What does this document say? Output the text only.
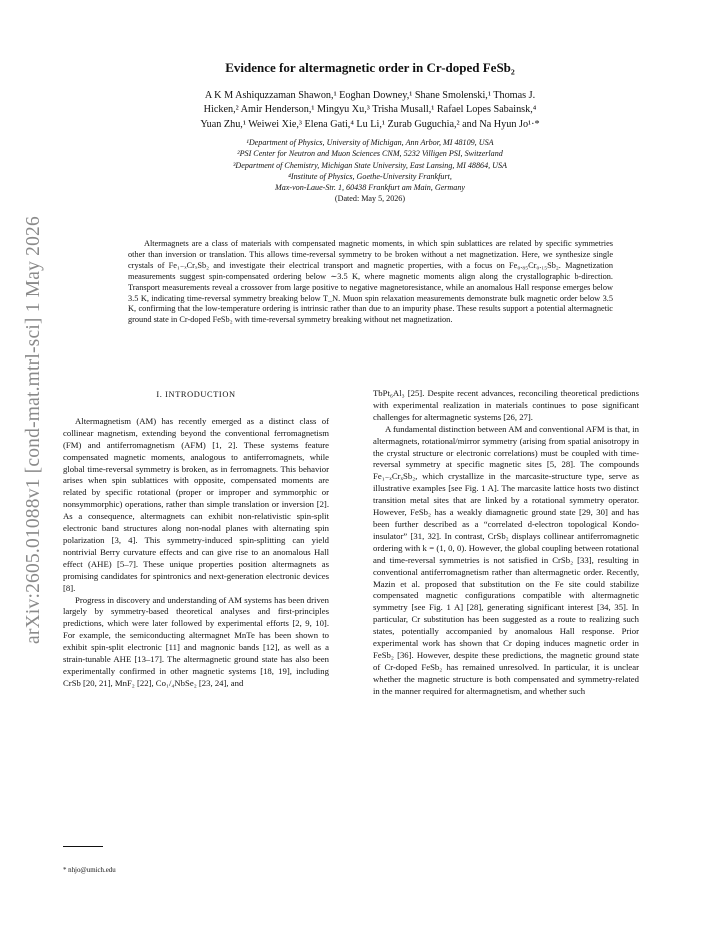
arXiv:2605.01088v1 [cond-mat.mtrl-sci] 1 May 2026
Evidence for altermagnetic order in Cr-doped FeSb₂
A K M Ashiquzzaman Shawon,¹ Eoghan Downey,¹ Shane Smolenski,¹ Thomas J.
Hicken,² Amir Henderson,¹ Mingyu Xu,³ Trisha Musall,¹ Rafael Lopes Sabainsk,⁴
Yuan Zhu,¹ Weiwei Xie,³ Elena Gati,⁴ Lu Li,¹ Zurab Guguchia,² and Na Hyun Jo¹·*
¹Department of Physics, University of Michigan, Ann Arbor, MI 48109, USA
²PSI Center for Neutron and Muon Sciences CNM, 5232 Villigen PSI, Switzerland
³Department of Chemistry, Michigan State University, East Lansing, MI 48864, USA
⁴Institute of Physics, Goethe-University Frankfurt,
Max-von-Laue-Str. 1, 60438 Frankfurt am Main, Germany
(Dated: May 5, 2026)
Altermagnets are a class of materials with compensated magnetic moments, in which spin sublattices are related by specific symmetries other than inversion or translation. This allows time-reversal symmetry to be broken without a net magnetization. Here, we synthesize single crystals of Fe₁₋ₓCrₓSb₂ and investigate their electrical transport and magnetic properties, with a focus on Fe₀.₈₅Cr₀.₁₅Sb₂. Magnetization measurements suggest spin-compensated ordering below ∼3.5 K, where magnetic moments align along the crystallographic b-direction. Transport measurements reveal a crossover from large positive to negative magnetoresistance, while an anomalous Hall response emerges below 3.5 K, indicating time-reversal symmetry breaking below T_N. Muon spin relaxation measurements demonstrate bulk magnetic order below 3.5 K, confirming that the low-temperature ordering is intrinsic rather than due to an impurity phase. These results support a potential altermagnetic ground state in Cr-doped FeSb₂ with time-reversal symmetry breaking without net magnetization.
I. INTRODUCTION

Altermagnetism (AM) has recently emerged as a distinct class of collinear magnetism, extending beyond the conventional ferromagnetism (FM) and antiferromagnetism (AFM) [1, 2]. These systems feature compensated magnetic moments, analogous to antiferromagnets, while global time-reversal symmetry is broken, as in ferromagnets. This behavior arises when spin sublattices with opposite, compensated moments are related by specific rotational (proper or improper and symmorphic or nonsymmorphic) operations, rather than simple translation or inversion [2]. As a consequence, altermagnets can exhibit non-relativistic spin-split electronic band structures along non-nodal planes with alternating spin polarization [3, 4]. This symmetry-induced spin-splitting can yield nontrivial Berry curvature effects and can give rise to an anomalous Hall effect (AHE) [5–7]. These unique properties position altermagnets as promising candidates for spintronics and next-generation electronic devices [8].

Progress in discovery and understanding of AM systems has been driven largely by symmetry-based theoretical analyses and first-principles predictions, which were later followed by experimental efforts [2, 9, 10]. For example, the semiconducting altermagnet MnTe has been shown to exhibit spin-split electronic [11] and magnonic bands [12], as well as a strain-tunable AHE [13–17]. The altermagnetic ground state has also been experimentally confirmed in other magnetic systems [18, 19], including CrSb [20, 21], MnF₂ [22], Co₁/₄NbSe₂ [23, 24], and

TbPt₆Al₃ [25]. Despite recent advances, reconciling theoretical predictions with experimental realization in materials continues to pose significant challenges for altermagnetic systems [26, 27].

A fundamental distinction between AM and conventional AFM is that, in altermagnets, rotational/mirror symmetry (arising from spatial anisotropy in the crystal structure or electronic correlations) must be coupled with time-reversal symmetry at specific magnetic sites [5, 28]. The compounds Fe₁₋ₓCrₓSb₂, which crystallize in the marcasite-structure type, serve as illustrative examples [see Fig. 1 A]. The marcasite lattice hosts two distinct transition metal sites that are linked by a rotational symmetry operator. However, FeSb₂ has a weakly diamagnetic ground state [29, 30] and has been further described as a “correlated d-electron topological Kondo-insulator” [31, 32]. In contrast, CrSb₂ displays collinear antiferromagnetic ordering with k = (1, 0, 0). However, the global coupling between rotational and time-reversal symmetries is not satisfied in CrSb₂ [33], resulting in conventional antiferromagnetism rather than altermagnetic order. Recently, Mazin et al. proposed that substitution on the Fe site could stabilize compensated magnetic configurations compatible with altermagnetic symmetry [see Fig. 1 A] [28], generating significant interest [34, 35]. In particular, Cr substitution has been suggested as a route to realizing such states, potentially accompanied by anomalous Hall response. Prior experimental work has shown that Cr doping induces magnetic order in FeSb₂ [36]. However, despite these predictions, the magnetic ground state of Cr-doped FeSb₂ has remained unresolved. In particular, it is unclear whether the magnetic structure is both compensated and symmetry-related in the manner required for altermagnetism, and whether such

* nhjo@umich.edu
